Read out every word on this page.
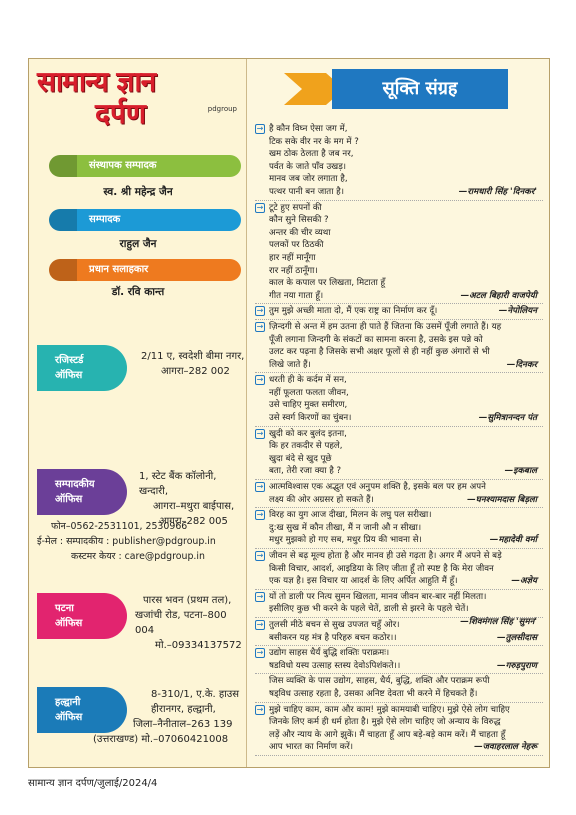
सामान्य ज्ञान
दर्पण	pdgroup
संस्थापक सम्पादक
स्व. श्री महेन्द्र जैन
सम्पादक
राहुल जैन
प्रधान सलाहकार
डॉ. रवि कान्त
रजिस्टर्ड
ऑफिस
2/11 ए, स्वदेशी बीमा नगर,
आगरा–282 002
सम्पादकीय
ऑफिस
1, स्टेट बैंक कॉलोनी, खन्दारी,
आगरा–मथुरा बाईपास,
आगरा–282 005
फोन–0562-2531101, 2530966
ई-मेल : सम्पादकीय : publisher@pdgroup.in
कस्टमर केयर : care@pdgroup.in
पटना
ऑफिस
पारस भवन (प्रथम तल),
खजांची रोड, पटना–800 004
मो.–09334137572
हल्द्वानी
ऑफिस
8-310/1, ए.के. हाउस
हीरानगर, हल्द्वानी,
जिला–नैनीताल–263 139
(उत्तराखण्ड) मो.–07060421008
सूक्ति संग्रह
→ है कौन विघ्न ऐसा जग में,
टिक सके वीर नर के मग में ?
खम ठोक ठेलता है जब नर,
पर्वत के जाते पाँव उखड़।
मानव जब जोर लगाता है,
पत्थर पानी बन जाता है।	—रामधारी सिंह 'दिनकर'
→ टूटे हुए सपनों की
कौन सुने सिसकी ?
अन्तर की चीर व्यथा
पलकों पर ठिठकी
हार नहीं मानूँगा
रार नहीं ठानूँगा।
काल के कपाल पर लिखता, मिटाता हूँ
गीत नया गाता हूँ।	—अटल बिहारी वाजपेयी
→ तुम मुझे अच्छी माता दो, मैं एक राष्ट्र का निर्माण कर दूँ।	—नेपोलियन
→ ज़िन्दगी से अन्त में हम उतना ही पाते हैं जितना कि उसमें पूँजी लगाते हैं। यह
पूँजी लगाना जिन्दगी के संकटों का सामना करना है, उसके इस पन्ने को
उलट कर पढ़ना है जिसके सभी अक्षर फूलों से ही नहीं कुछ अंगारों से भी
लिखे जाते हैं।	—दिनकर
→ धरती ही के कर्दम में सन,
नहीं फूलता फलता जीवन,
उसे चाहिए मुक्त समीरण,
उसे स्वर्ग किरणों का चुंबन।	—सुमित्रानन्दन पंत
→ खुदी को कर बुलंद इतना,
कि हर तकदीर से पहले,
खुदा बंदे से खुद पूछे
बता, तेरी रजा क्या है ?	—इकबाल
→ आत्मविश्वास एक अद्भुत एवं अनुपम शक्ति है, इसके बल पर हम अपने
लक्ष्य की ओर अग्रसर हो सकते हैं।	—घनश्यामदास बिड़ला
→ विरह का युग आज दीखा, मिलन के लघु पल सरीखा।
दु:ख सुख में कौन तीखा, मैं न जानी औ न सीखा।
मधुर मुझको हो गए सब, मधुर प्रिय की भावना से।	—महादेवी वर्मा
→ जीवन से बढ़ मूल्य होता है और मानव ही उसे गढ़ता है। अगर मैं अपने से बड़े
किसी विचार, आदर्श, आइडिया के लिए जीता हूँ तो स्पष्ट है कि मेरा जीवन
एक यज्ञ है। इस विचार या आदर्श के लिए अर्पित आहुति मैं हूँ।	—अज्ञेय
→ यों तो डाली पर नित्य सुमन खिलता, मानव जीवन बार-बार नहीं मिलता।
इसीलिए कुछ भी करने के पहले चेतें, डाली से झरने के पहले चेतें।
—शिवमंगल सिंह 'सुमन'
→ तुलसी मीठे बचन से सुख उपजत चहुँ ओर।
बसीकरन यह मंत्र है परिहरु बचन कठोर।।	—तुलसीदास
→ उद्योग साहस धैर्यं बुद्धि शक्तिः पराक्रमः।
षडविधो यस्य उत्साह स्तस्य देवोऽपिशंकते।।	—गरुड़पुराण
जिस व्यक्ति के पास उद्योग, साहस, धैर्य, बुद्धि, शक्ति और पराक्रम रूपी
षड्विध उत्साह रहता है, उसका अनिष्ट देवता भी करने में हिचकते हैं।
→ मुझे चाहिए काम, काम और काम! मुझे कामयाबी चाहिए। मुझे ऐसे लोग चाहिए
जिनके लिए कर्म ही धर्म होता है। मुझे ऐसे लोग चाहिए जो अन्याय के विरुद्ध
लड़ें और न्याय के आगे झुकें। मैं चाहता हूँ आप बड़े-बड़े काम करें। मैं चाहता हूँ
आप भारत का निर्माण करें।	—जवाहरलाल नेहरू
सामान्य ज्ञान दर्पण/जुलाई/2024/4
